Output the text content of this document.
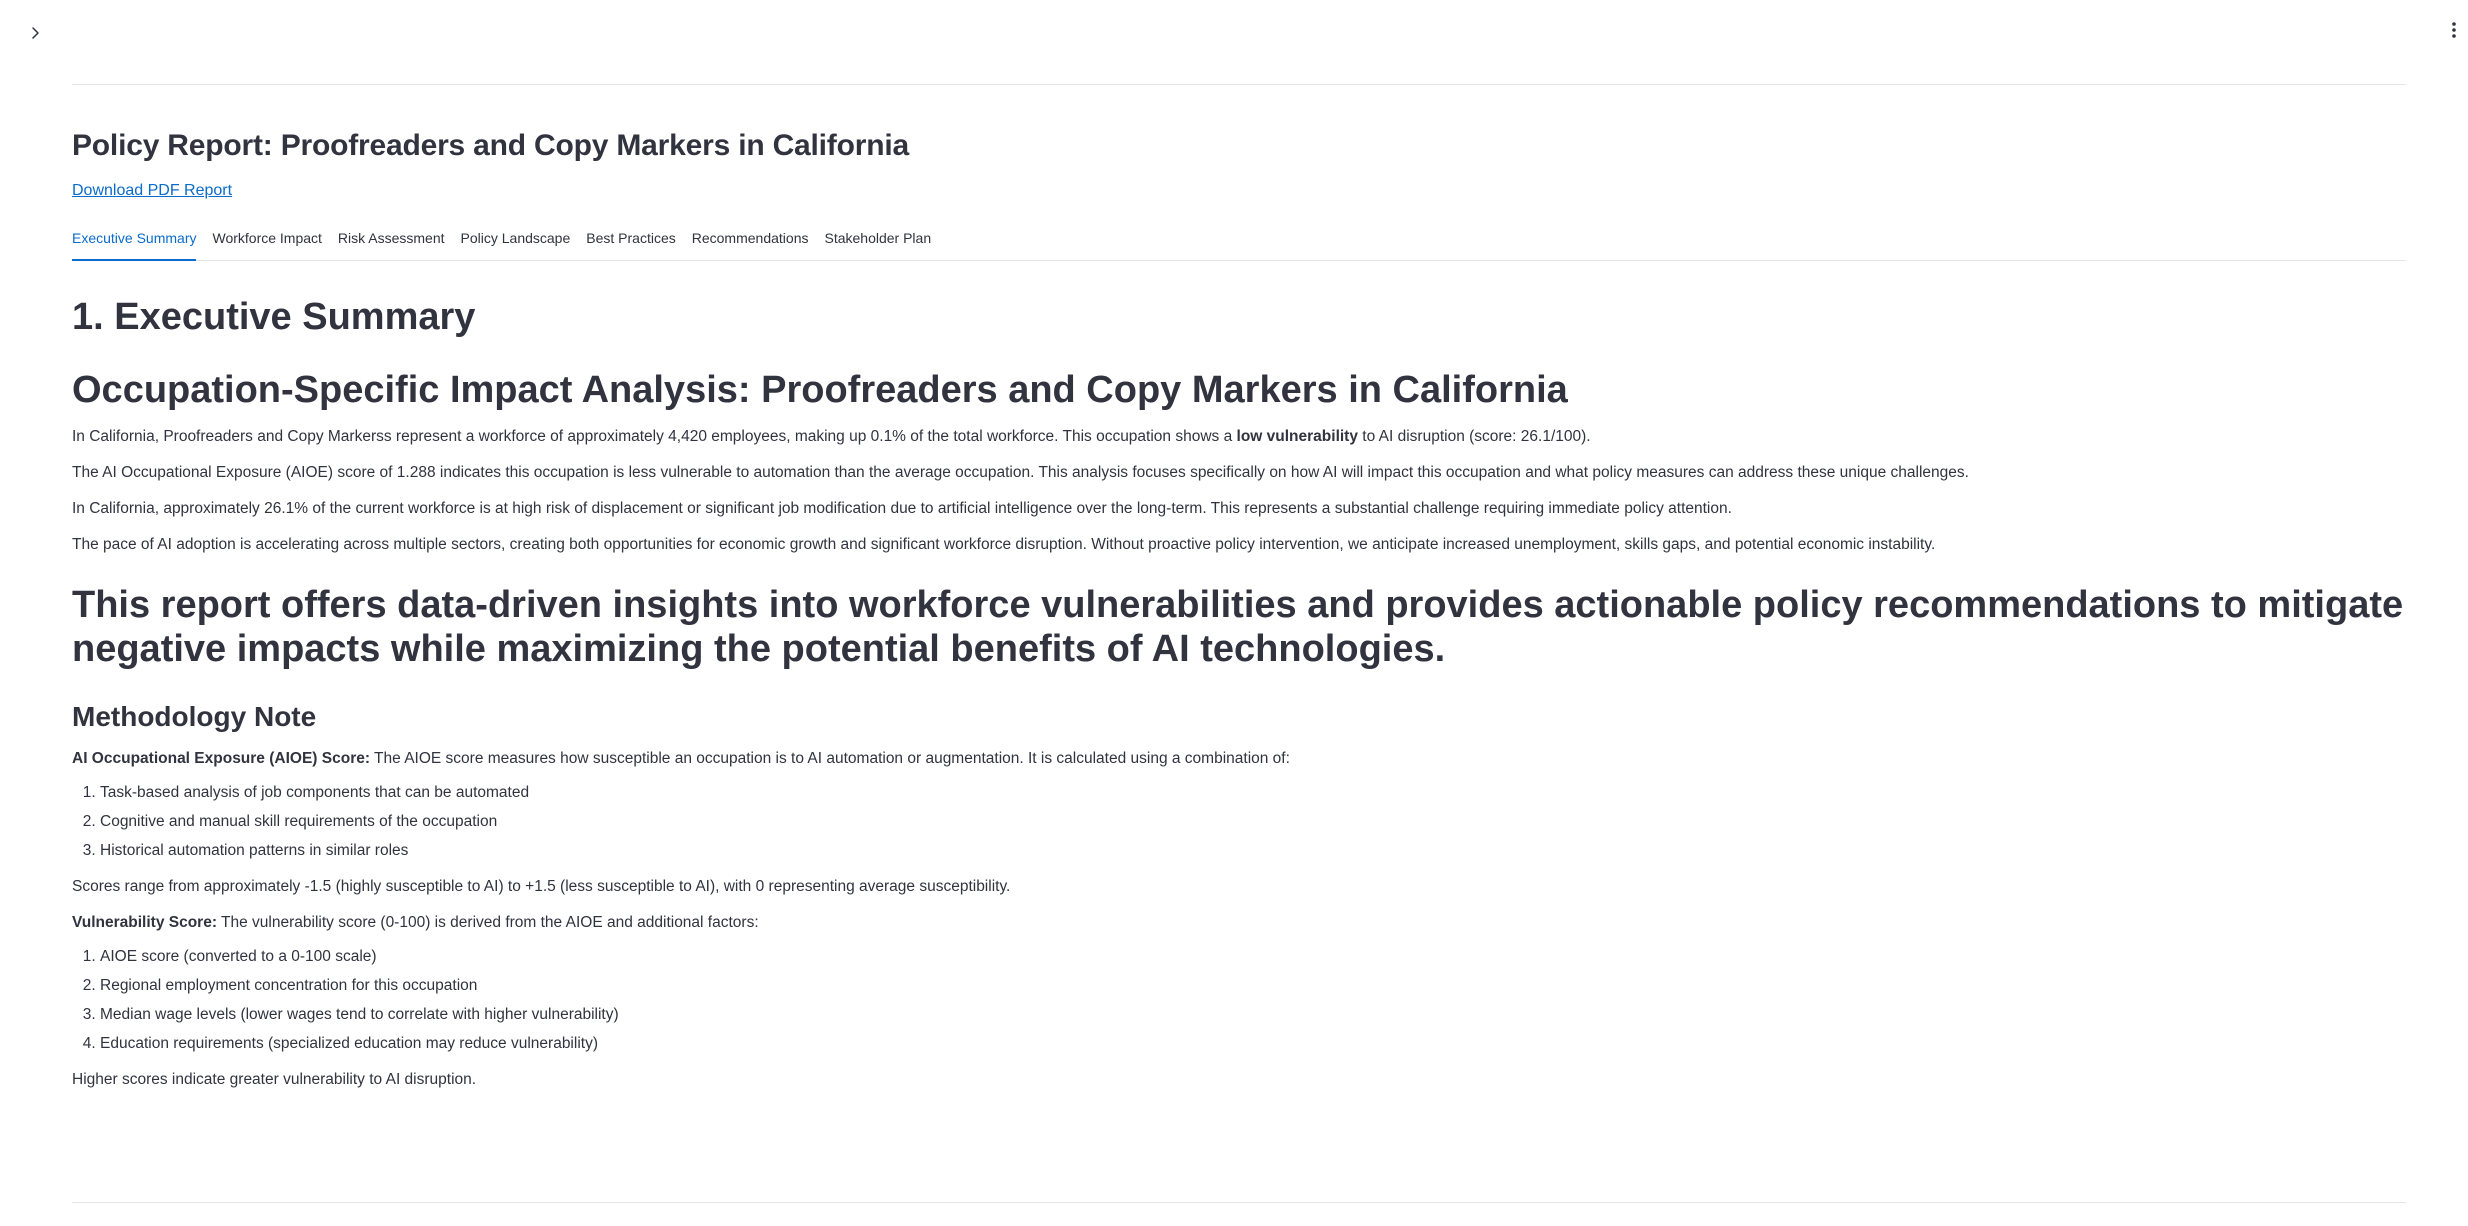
Policy Report: Proofreaders and Copy Markers in California
Download PDF Report
Executive Summary Workforce Impact Risk Assessment Policy Landscape Best Practices Recommendations Stakeholder Plan
1. Executive Summary
Occupation-Specific Impact Analysis: Proofreaders and Copy Markers in California

In California, Proofreaders and Copy Markerss represent a workforce of approximately 4,420 employees, making up 0.1% of the total workforce. This occupation shows a low vulnerability to AI disruption (score: 26.1/100).

The AI Occupational Exposure (AIOE) score of 1.288 indicates this occupation is less vulnerable to automation than the average occupation. This analysis focuses specifically on how AI will impact this occupation and what policy measures can address these unique challenges.

In California, approximately 26.1% of the current workforce is at high risk of displacement or significant job modification due to artificial intelligence over the long-term. This represents a substantial challenge requiring immediate policy attention.

The pace of AI adoption is accelerating across multiple sectors, creating both opportunities for economic growth and significant workforce disruption. Without proactive policy intervention, we anticipate increased unemployment, skills gaps, and potential economic instability.

This report offers data-driven insights into workforce vulnerabilities and provides actionable policy recommendations to mitigate negative impacts while maximizing the potential benefits of AI technologies.
Methodology Note

AI Occupational Exposure (AIOE) Score: The AIOE score measures how susceptible an occupation is to AI automation or augmentation. It is calculated using a combination of:

1. Task-based analysis of job components that can be automated
2. Cognitive and manual skill requirements of the occupation
3. Historical automation patterns in similar roles

Scores range from approximately -1.5 (highly susceptible to AI) to +1.5 (less susceptible to AI), with 0 representing average susceptibility.

Vulnerability Score: The vulnerability score (0-100) is derived from the AIOE and additional factors:

1. AIOE score (converted to a 0-100 scale)
2. Regional employment concentration for this occupation
3. Median wage levels (lower wages tend to correlate with higher vulnerability)
4. Education requirements (specialized education may reduce vulnerability)

Higher scores indicate greater vulnerability to AI disruption.
